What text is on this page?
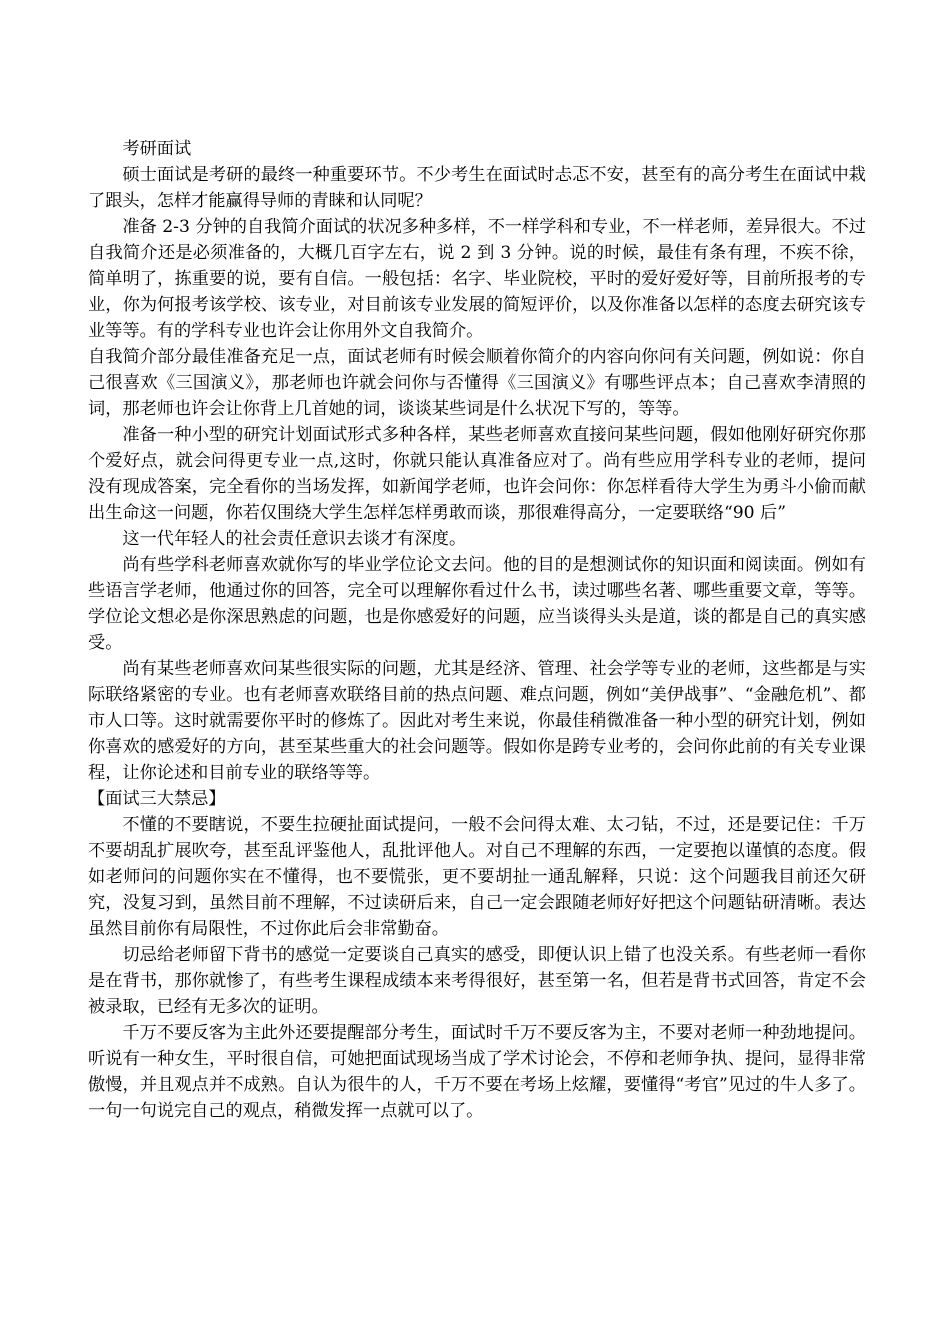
考研面试

硕士面试是考研的最终一种重要环节。不少考生在面试时忐忑不安，甚至有的高分考生在面试中栽了跟头，怎样才能赢得导师的青睐和认同呢？

准备 2-3 分钟的自我简介面试的状况多种多样，不一样学科和专业，不一样老师，差异很大。不过自我简介还是必须准备的，大概几百字左右，说 2 到 3 分钟。说的时候，最佳有条有理，不疾不徐，简单明了，拣重要的说，要有自信。一般包括：名字、毕业院校，平时的爱好爱好等，目前所报考的专业，你为何报考该学校、该专业，对目前该专业发展的简短评价，以及你准备以怎样的态度去研究该专业等等。有的学科专业也许会让你用外文自我简介。

自我简介部分最佳准备充足一点，面试老师有时候会顺着你简介的内容向你问有关问题，例如说：你自己很喜欢《三国演义》，那老师也许就会问你与否懂得《三国演义》有哪些评点本；自己喜欢李清照的词，那老师也许会让你背上几首她的词，谈谈某些词是什么状况下写的，等等。

准备一种小型的研究计划面试形式多种各样，某些老师喜欢直接问某些问题，假如他刚好研究你那个爱好点，就会问得更专业一点,这时，你就只能认真准备应对了。尚有些应用学科专业的老师，提问没有现成答案，完全看你的当场发挥，如新闻学老师，也许会问你：你怎样看待大学生为勇斗小偷而献出生命这一问题，你若仅围绕大学生怎样怎样勇敢而谈，那很难得高分，一定要联络“90 后”

这一代年轻人的社会责任意识去谈才有深度。

尚有些学科老师喜欢就你写的毕业学位论文去问。他的目的是想测试你的知识面和阅读面。例如有些语言学老师，他通过你的回答，完全可以理解你看过什么书，读过哪些名著、哪些重要文章，等等。学位论文想必是你深思熟虑的问题，也是你感爱好的问题，应当谈得头头是道，谈的都是自己的真实感受。

尚有某些老师喜欢问某些很实际的问题，尤其是经济、管理、社会学等专业的老师，这些都是与实际联络紧密的专业。也有老师喜欢联络目前的热点问题、难点问题，例如“美伊战事”、“金融危机”、都市人口等。这时就需要你平时的修炼了。因此对考生来说，你最佳稍微准备一种小型的研究计划，例如你喜欢的感爱好的方向，甚至某些重大的社会问题等。假如你是跨专业考的，会问你此前的有关专业课程，让你论述和目前专业的联络等等。

【面试三大禁忌】

不懂的不要瞎说，不要生拉硬扯面试提问，一般不会问得太难、太刁钻，不过，还是要记住：千万不要胡乱扩展吹夸，甚至乱评鉴他人，乱批评他人。对自己不理解的东西，一定要抱以谨慎的态度。假如老师问的问题你实在不懂得，也不要慌张，更不要胡扯一通乱解释，只说：这个问题我目前还欠研究，没复习到，虽然目前不理解，不过读研后来，自己一定会跟随老师好好把这个问题钻研清晰。表达虽然目前你有局限性，不过你此后会非常勤奋。

切忌给老师留下背书的感觉一定要谈自己真实的感受，即便认识上错了也没关系。有些老师一看你是在背书，那你就惨了，有些考生课程成绩本来考得很好，甚至第一名，但若是背书式回答，肯定不会被录取，已经有无多次的证明。

千万不要反客为主此外还要提醒部分考生，面试时千万不要反客为主，不要对老师一种劲地提问。听说有一种女生，平时很自信，可她把面试现场当成了学术讨论会，不停和老师争执、提问，显得非常傲慢，并且观点并不成熟。自认为很牛的人，千万不要在考场上炫耀，要懂得“考官”见过的牛人多了。一句一句说完自己的观点，稍微发挥一点就可以了。
